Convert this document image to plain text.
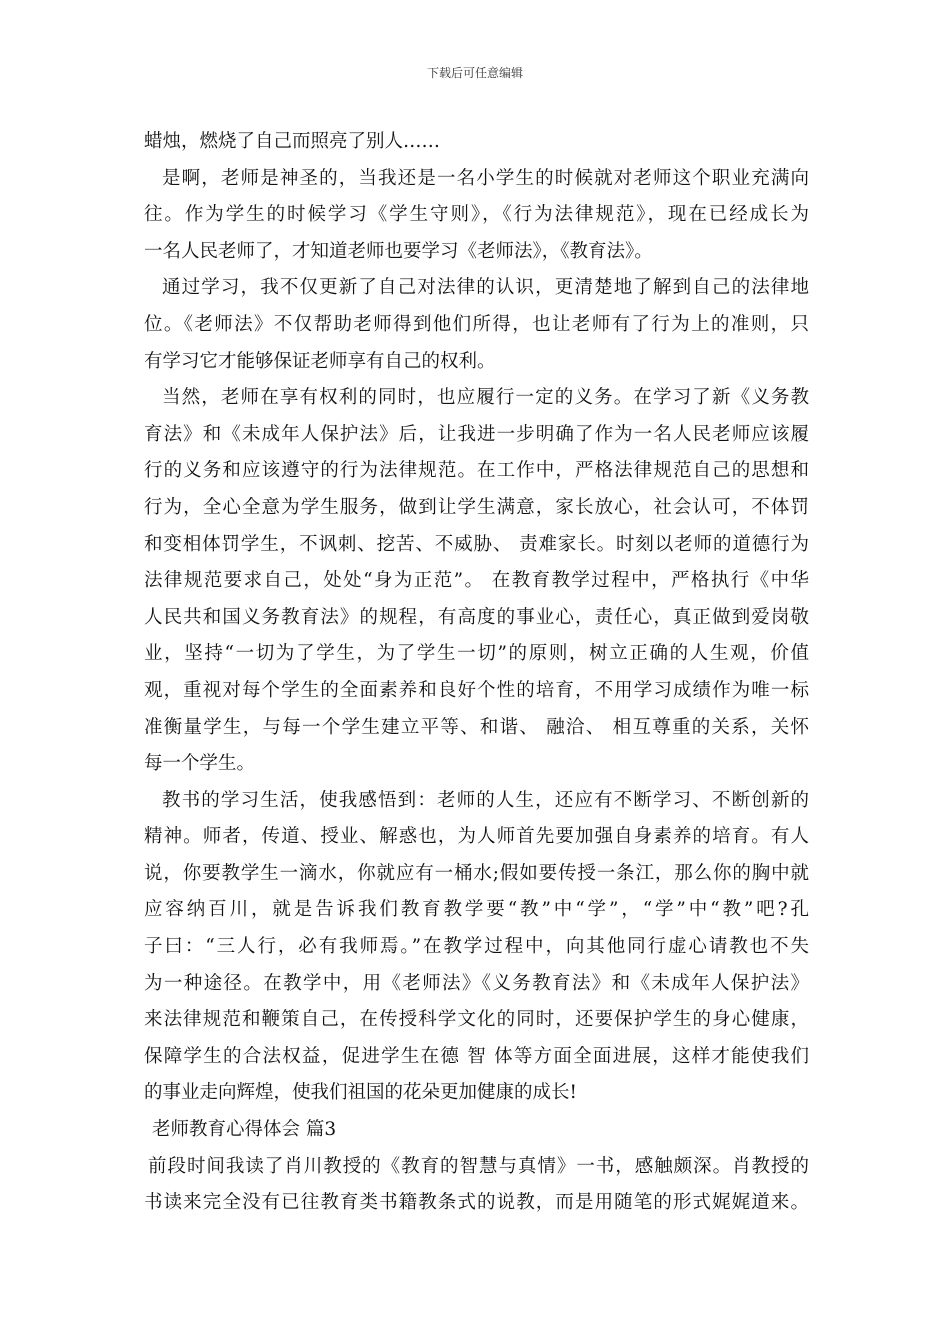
下载后可任意编辑
蜡烛，燃烧了自己而照亮了别人……
是啊，老师是神圣的，当我还是一名小学生的时候就对老师这个职业充满向
往。作为学生的时候学习《学生守则》，《行为法律规范》，现在已经成长为
一名人民老师了，才知道老师也要学习《老师法》，《教育法》。
通过学习，我不仅更新了自己对法律的认识，更清楚地了解到自己的法律地
位。《老师法》不仅帮助老师得到他们所得，也让老师有了行为上的准则，只
有学习它才能够保证老师享有自己的权利。
当然，老师在享有权利的同时，也应履行一定的义务。在学习了新《义务教
育法》和《未成年人保护法》后，让我进一步明确了作为一名人民老师应该履
行的义务和应该遵守的行为法律规范。在工作中，严格法律规范自己的思想和
行为，全心全意为学生服务，做到让学生满意，家长放心，社会认可，不体罚
和变相体罚学生，不讽刺、挖苦、不威胁、 责难家长。时刻以老师的道德行为
法律规范要求自己，处处“身为正范”。 在教育教学过程中，严格执行《中华
人民共和国义务教育法》的规程，有高度的事业心，责任心，真正做到爱岗敬
业，坚持“一切为了学生，为了学生一切”的原则，树立正确的人生观，价值
观，重视对每个学生的全面素养和良好个性的培育，不用学习成绩作为唯一标
准衡量学生，与每一个学生建立平等、和谐、 融洽、 相互尊重的关系，关怀
每一个学生。
教书的学习生活，使我感悟到：老师的人生，还应有不断学习、不断创新的
精神。师者，传道、授业、解惑也，为人师首先要加强自身素养的培育。有人
说，你要教学生一滴水，你就应有一桶水;假如要传授一条江，那么你的胸中就
应容纳百川，就是告诉我们教育教学要“教”中“学”，“学”中“教”吧?孔
子曰：“三人行，必有我师焉。”在教学过程中，向其他同行虚心请教也不失
为一种途径。在教学中，用《老师法》《义务教育法》和《未成年人保护法》
来法律规范和鞭策自己，在传授科学文化的同时，还要保护学生的身心健康，
保障学生的合法权益，促进学生在德 智 体等方面全面进展，这样才能使我们
的事业走向辉煌，使我们祖国的花朵更加健康的成长!
老师教育心得体会 篇3
前段时间我读了肖川教授的《教育的智慧与真情》一书，感触颇深。肖教授的
书读来完全没有已往教育类书籍教条式的说教，而是用随笔的形式娓娓道来。
